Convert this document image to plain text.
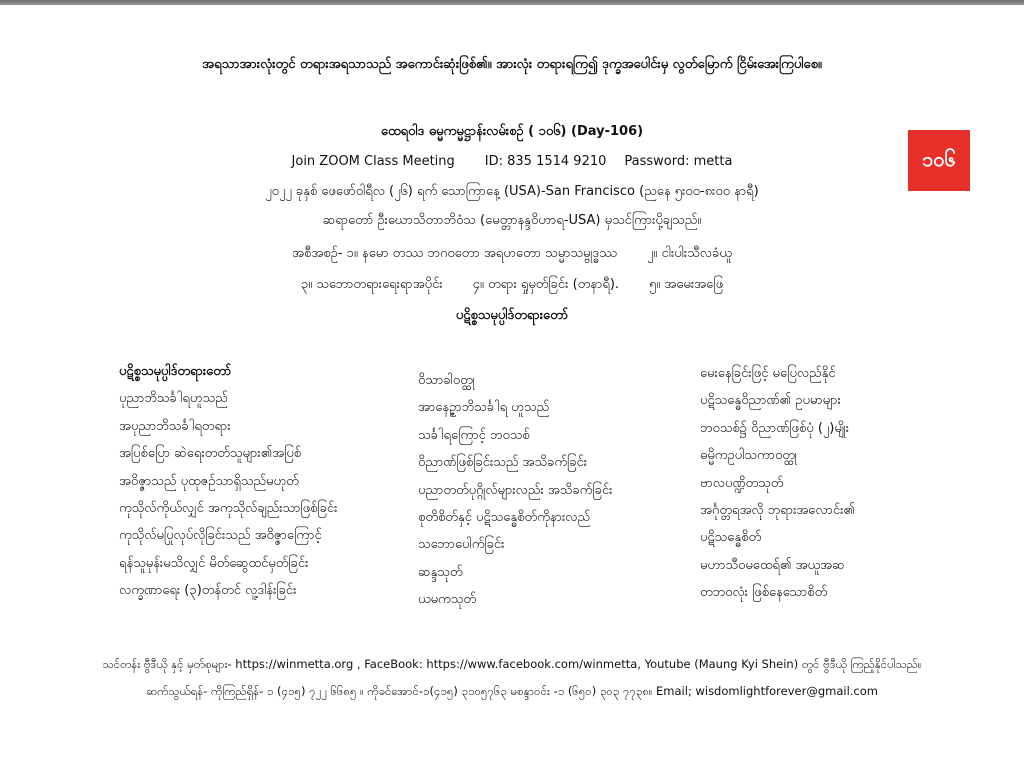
အရသာအားလုံးတွင် တရားအရသာသည် အကောင်းဆုံးဖြစ်၏။ အားလုံး တရားရကြ၍ ဒုက္ခအပေါင်းမှ လွတ်မြောက် ငြိမ်းအေးကြပါစေ။
ထေရဝါဒ ဓမ္မကမ္မဋ္ဌာန်းလမ်းစဉ် ( ၁၀၆) (Day-106)
Join ZOOM Class Meeting ID: 835 1514 9210 Password: metta
၂၀၂၂ ခုနှစ် ဖေဖော်ဝါရီလ (၂၆) ရက် သောကြာနေ့ (USA)-San Francisco (ညနေ ၅း၀၀-၈း၀၀ နာရီ)
ဆရာတော် ဦးဃောသိတာဘိဝံသ (မေတ္တာနန္ဒဝိဟာရ-USA) မှသင်ကြားပို့ချသည်။
အစီအစဉ်- ၁။ နမော တဿ ဘဂဝတော အရဟတော သမ္မာသမ္ဗုဒ္ဓဿ ၂။ ငါးပါးသီလခံယူ
၃။ သဘောတရားရေးရာအပိုင်း ၄။ တရား ရှုမှတ်ခြင်း (တနာရီ). ၅။ အမေးအဖြေ
ပဋိစ္စသမုပ္ပါဒ်တရားတော်
၁၀၆
ပဋိစ္စသမုပ္ပါဒ်တရားတော်
ပုညာဘိသင်္ခါရဟူသည်
အပုညာဘိသင်္ခါရတရား
အပြစ်ပြော ဆဲရေးတတ်သူများ၏အပြစ်
အဝိဇ္ဇာသည် ပုထုဇဉ်သာရှိသည်မဟုတ်
ကုသိုလ်ကိုယ်လျှင် အကုသိုလ်ချည်းသာဖြစ်ခြင်း
ကုသိုလ်မပြုလုပ်လိုခြင်းသည် အဝိဇ္ဇာကြောင့်
ရန်သူမုန်းမသိလျှင် မိတ်ဆွေထင်မှတ်ခြင်း
လက္ခဏာရေး (၃)တန်တင် လူ့ဒါန်းခြင်း
ဝိသာခါဝတ္ထု
အာနေဥ္ဇာဘိသင်္ခါရ ဟူသည်
သင်္ခါရကြောင့် ဘဝသစ်
ဝိညာဏ်ဖြစ်ခြင်းသည် အသိခက်ခြင်း
ပညာတတ်ပုဂ္ဂိုလ်များလည်း အသိခက်ခြင်း
စုတိစိတ်နှင့် ပဋိသန္ဓေစိတ်ကိုနားလည်
သဘောပေါက်ခြင်း
ဆန္ဒသုတ်
ယမကသုတ်
မေးနေခြင်းဖြင့် မပြေလည်နိုင်
ပဋိသန္ဓေဝိညာဏ်၏ ဥပမာများ
ဘဝသစ်၌ ဝိညာဏ်ဖြစ်ပုံ (၂)မျိုး
ဓမ္မိကဥပါသကာဝတ္ထု
ဗာလပဏ္ဍိတသုတ်
အင်္ဂုတ္တရအလို ဘုရားအလောင်း၏
ပဋိသန္ဓေစိတ်
မဟာသီဝမထေရ်၏ အယူအဆ
တဘဝလုံး ဖြစ်နေသောစိတ်
သင်တန်း ဗွီဒီယို နှင့် မှတ်စုများ- https://winmetta.org , FaceBook: https://www.facebook.com/winmetta, Youtube (Maung Kyi Shein) တွင် ဗွီဒီယို ကြည့်နိုင်ပါသည်။
ဆက်သွယ်ရန်- ကိုကြည်ရှိန်- ၁ (၄၁၅) ၇၂၂ ၆၆၈၅ ။ ကိုခင်အောင်-၁(၄၁၅) ၃၁၀၅၇၆၃ မစန္ဒာဝင်း -၁ (၆၅၀) ၃၀၃ ၇၇၃၈။ Email; wisdomlightforever@gmail.com
